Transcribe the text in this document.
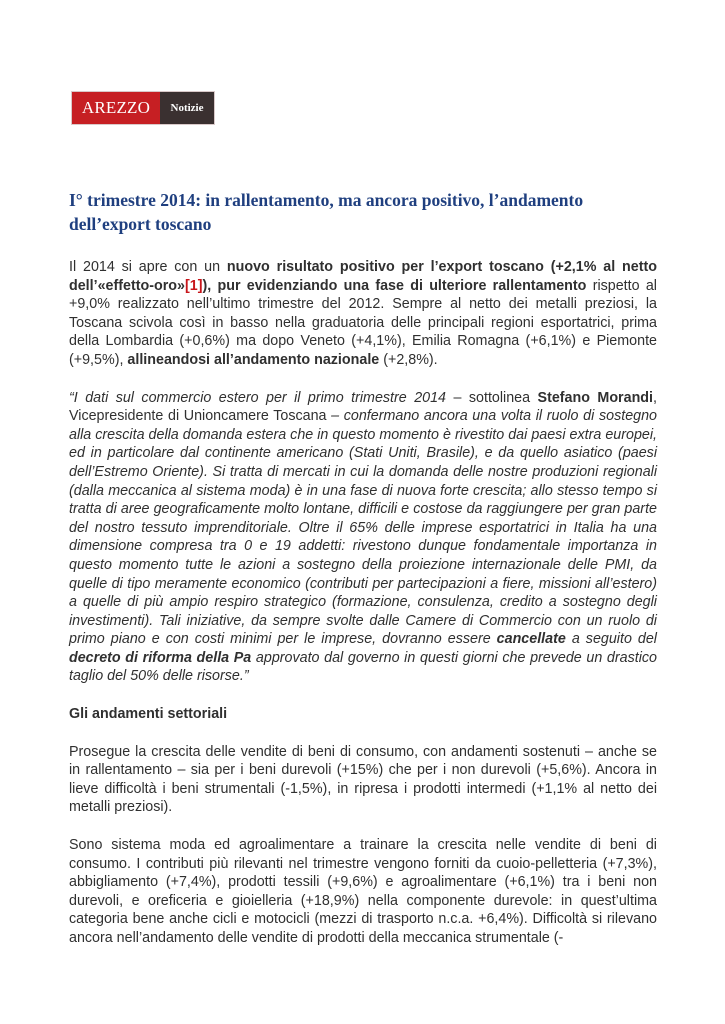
AREZZO	Notizie
I° trimestre 2014: in rallentamento, ma ancora positivo, l’andamento dell’export toscano

Il 2014 si apre con un nuovo risultato positivo per l’export toscano (+2,1% al netto dell’«effetto-oro»[1]), pur evidenziando una fase di ulteriore rallentamento rispetto al +9,0% realizzato nell’ultimo trimestre del 2012. Sempre al netto dei metalli preziosi, la Toscana scivola così in basso nella graduatoria delle principali regioni esportatrici, prima della Lombardia (+0,6%) ma dopo Veneto (+4,1%), Emilia Romagna (+6,1%) e Piemonte (+9,5%), allineandosi all’andamento nazionale (+2,8%).

“I dati sul commercio estero per il primo trimestre 2014 – sottolinea Stefano Morandi, Vicepresidente di Unioncamere Toscana – confermano ancora una volta il ruolo di sostegno alla crescita della domanda estera che in questo momento è rivestito dai paesi extra europei, ed in particolare dal continente americano (Stati Uniti, Brasile), e da quello asiatico (paesi dell’Estremo Oriente). Si tratta di mercati in cui la domanda delle nostre produzioni regionali (dalla meccanica al sistema moda) è in una fase di nuova forte crescita; allo stesso tempo si tratta di aree geograficamente molto lontane, difficili e costose da raggiungere per gran parte del nostro tessuto imprenditoriale. Oltre il 65% delle imprese esportatrici in Italia ha una dimensione compresa tra 0 e 19 addetti: rivestono dunque fondamentale importanza in questo momento tutte le azioni a sostegno della proiezione internazionale delle PMI, da quelle di tipo meramente economico (contributi per partecipazioni a fiere, missioni all’estero) a quelle di più ampio respiro strategico (formazione, consulenza, credito a sostegno degli investimenti). Tali iniziative, da sempre svolte dalle Camere di Commercio con un ruolo di primo piano e con costi minimi per le imprese, dovranno essere cancellate a seguito del decreto di riforma della Pa approvato dal governo in questi giorni che prevede un drastico taglio del 50% delle risorse.”

Gli andamenti settoriali

Prosegue la crescita delle vendite di beni di consumo, con andamenti sostenuti – anche se in rallentamento – sia per i beni durevoli (+15%) che per i non durevoli (+5,6%). Ancora in lieve difficoltà i beni strumentali (-1,5%), in ripresa i prodotti intermedi (+1,1% al netto dei metalli preziosi).

Sono sistema moda ed agroalimentare a trainare la crescita nelle vendite di beni di consumo. I contributi più rilevanti nel trimestre vengono forniti da cuoio-pelletteria (+7,3%), abbigliamento (+7,4%), prodotti tessili (+9,6%) e agroalimentare (+6,1%) tra i beni non durevoli, e oreficeria e gioielleria (+18,9%) nella componente durevole: in quest’ultima categoria bene anche cicli e motocicli (mezzi di trasporto n.c.a. +6,4%). Difficoltà si rilevano ancora nell’andamento delle vendite di prodotti della meccanica strumentale (-
